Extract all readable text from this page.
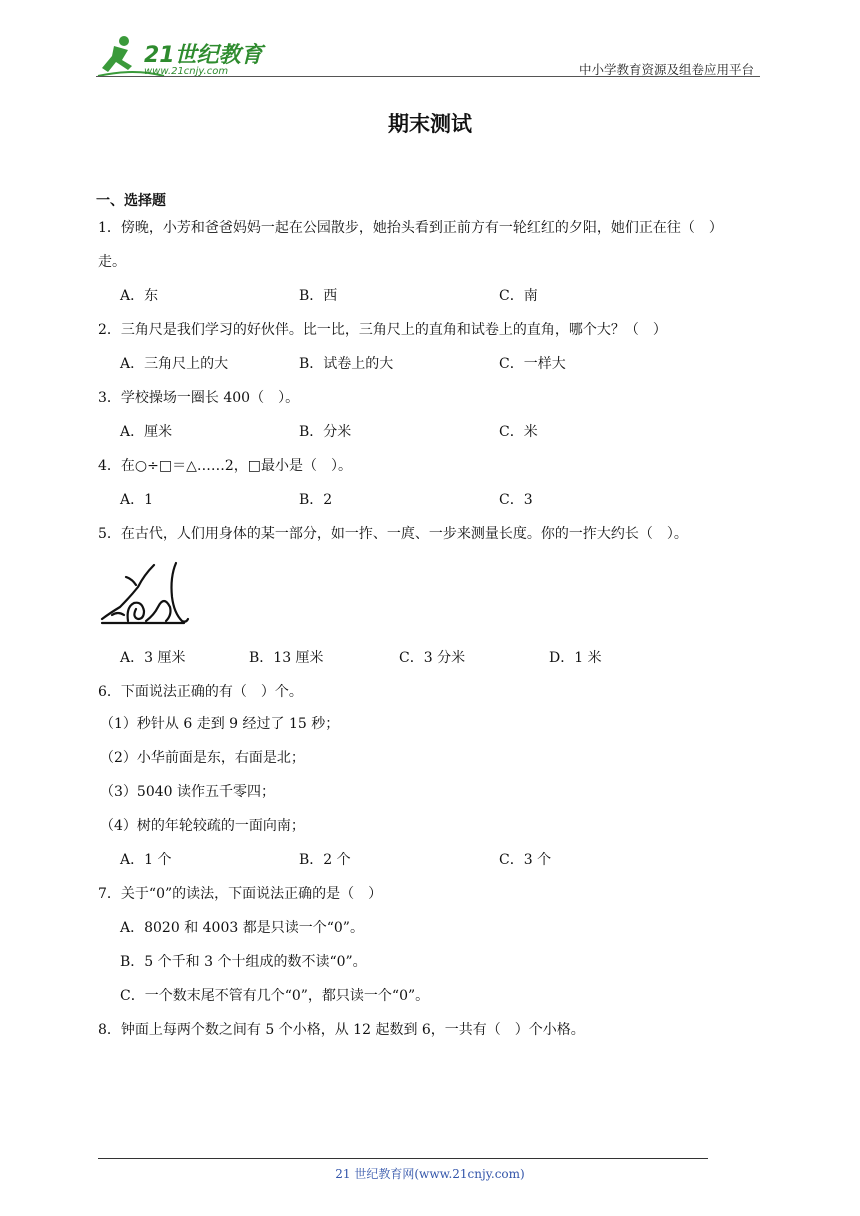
21世纪教育
www.21cnjy.com	中小学教育资源及组卷应用平台
期末测试
一、选择题
1．傍晚，小芳和爸爸妈妈一起在公园散步，她抬头看到正前方有一轮红红的夕阳，她们正在往（　）
走。
A．东	B．西	C．南
2．三角尺是我们学习的好伙伴。比一比，三角尺上的直角和试卷上的直角，哪个大？（　）
A．三角尺上的大	B．试卷上的大	C．一样大
3．学校操场一圈长 400（　）。
A．厘米	B．分米	C．米
4．在○÷□＝△……2，□最小是（　）。
A．1	B．2	C．3
5．在古代，人们用身体的某一部分，如一拃、一庹、一步来测量长度。你的一拃大约长（　）。
A．3 厘米	B．13 厘米	C．3 分米	D．1 米
6．下面说法正确的有（　）个。
（1）秒针从 6 走到 9 经过了 15 秒；
（2）小华前面是东，右面是北；
（3）5040 读作五千零四；
（4）树的年轮较疏的一面向南；
A．1 个	B．2 个	C．3 个
7．关于“0”的读法，下面说法正确的是（　）
A．8020 和 4003 都是只读一个“0”。
B．5 个千和 3 个十组成的数不读“0”。
C．一个数末尾不管有几个“0”，都只读一个“0”。
8．钟面上每两个数之间有 5 个小格，从 12 起数到 6，一共有（　）个小格。
21 世纪教育网(www.21cnjy.com)
